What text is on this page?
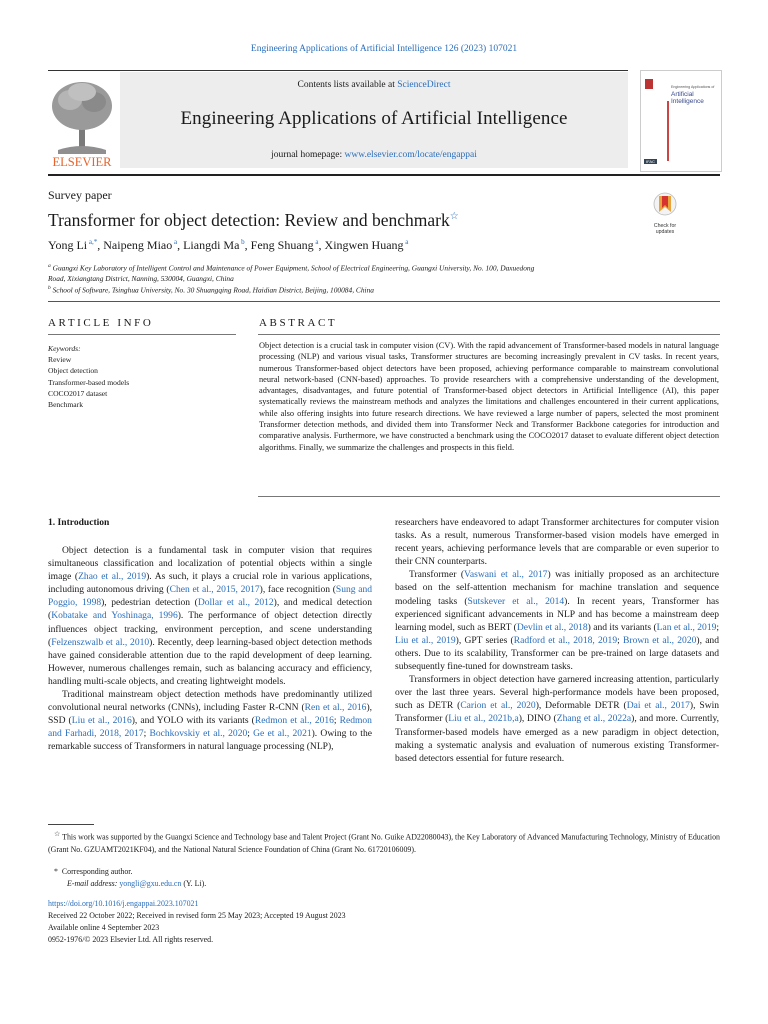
Engineering Applications of Artificial Intelligence 126 (2023) 107021
ELSEVIER
Contents lists available at ScienceDirect
Engineering Applications of Artificial Intelligence
journal homepage: www.elsevier.com/locate/engappai
Engineering Applications of
Artificial
Intelligence
IFAC
Survey paper
Transformer for object detection: Review and benchmark☆
Check for
updates
Yong Li $^{a,*}$, Naipeng Miao $^a$, Liangdi Ma $^b$, Feng Shuang $^a$, Xingwen Huang $^a$
$^a$ Guangxi Key Laboratory of Intelligent Control and Maintenance of Power Equipment, School of Electrical Engineering, Guangxi University, No. 100, Daxuedong
Road, Xixiangtang District, Nanning, 530004, Guangxi, China
$^b$ School of Software, Tsinghua University, No. 30 Shuangqing Road, Haidian District, Beijing, 100084, China
ARTICLE INFO	ABSTRACT
Keywords:
Review
Object detection
Transformer-based models
COCO2017 dataset
Benchmark
Object detection is a crucial task in computer vision (CV). With the rapid advancement of Transformer-based models in natural language processing (NLP) and various visual tasks, Transformer structures are becoming increasingly prevalent in CV tasks. In recent years, numerous Transformer-based object detectors have been proposed, achieving performance comparable to mainstream convolutional neural network-based (CNN-based) approaches. To provide researchers with a comprehensive understanding of the development, advantages, disadvantages, and future potential of Transformer-based object detectors in Artificial Intelligence (AI), this paper systematically reviews the mainstream methods and analyzes the limitations and challenges encountered in their current applications, while also offering insights into future research directions. We have reviewed a large number of papers, selected the most prominent Transformer detection methods, and divided them into Transformer Neck and Transformer Backbone categories for introduction and comparative analysis. Furthermore, we have constructed a benchmark using the COCO2017 dataset to evaluate different object detection algorithms. Finally, we summarize the challenges and prospects in this field.
1. Introduction

Object detection is a fundamental task in computer vision that requires simultaneous classification and localization of potential objects within a single image (Zhao et al., 2019). As such, it plays a crucial role in various applications, including autonomous driving (Chen et al., 2015, 2017), face recognition (Sung and Poggio, 1998), pedestrian detection (Dollar et al., 2012), and medical detection (Kobatake and Yoshinaga, 1996). The performance of object detection directly influences object tracking, environment perception, and scene understanding (Felzenszwalb et al., 2010). Recently, deep learning-based object detection methods have gained considerable attention due to the rapid development of deep learning. However, numerous challenges remain, such as balancing accuracy and efficiency, handling multi-scale objects, and creating lightweight models.

Traditional mainstream object detection methods have predominantly utilized convolutional neural networks (CNNs), including Faster R-CNN (Ren et al., 2016), SSD (Liu et al., 2016), and YOLO with its variants (Redmon et al., 2016; Redmon and Farhadi, 2018, 2017; Bochkovskiy et al., 2020; Ge et al., 2021). Owing to the remarkable success of Transformers in natural language processing (NLP),

researchers have endeavored to adapt Transformer architectures for computer vision tasks. As a result, numerous Transformer-based vision models have emerged in recent years, achieving performance levels that are comparable or even superior to their CNN counterparts.

Transformer (Vaswani et al., 2017) was initially proposed as an architecture based on the self-attention mechanism for machine translation and sequence modeling tasks (Sutskever et al., 2014). In recent years, Transformer has experienced significant advancements in NLP and has become a mainstream deep learning model, such as BERT (Devlin et al., 2018) and its variants (Lan et al., 2019; Liu et al., 2019), GPT series (Radford et al., 2018, 2019; Brown et al., 2020), and others. Due to its scalability, Transformer can be pre-trained on large datasets and subsequently fine-tuned for downstream tasks.

Transformers in object detection have garnered increasing attention, particularly over the last three years. Several high-performance models have been proposed, such as DETR (Carion et al., 2020), Deformable DETR (Dai et al., 2017), Swin Transformer (Liu et al., 2021b,a), DINO (Zhang et al., 2022a), and more. Currently, Transformer-based models have emerged as a new paradigm in object detection, making a systematic analysis and evaluation of numerous existing Transformer-based detectors essential for future research.

☆ This work was supported by the Guangxi Science and Technology base and Talent Project (Grant No. Guike AD22080043), the Key Laboratory of Advanced Manufacturing Technology, Ministry of Education (Grant No. GZUAMT2021KF04), and the National Natural Science Foundation of China (Grant No. 61720106009).
* Corresponding author.
E-mail address: yongli@gxu.edu.cn (Y. Li).
https://doi.org/10.1016/j.engappai.2023.107021
Received 22 October 2022; Received in revised form 25 May 2023; Accepted 19 August 2023
Available online 4 September 2023
0952-1976/© 2023 Elsevier Ltd. All rights reserved.
